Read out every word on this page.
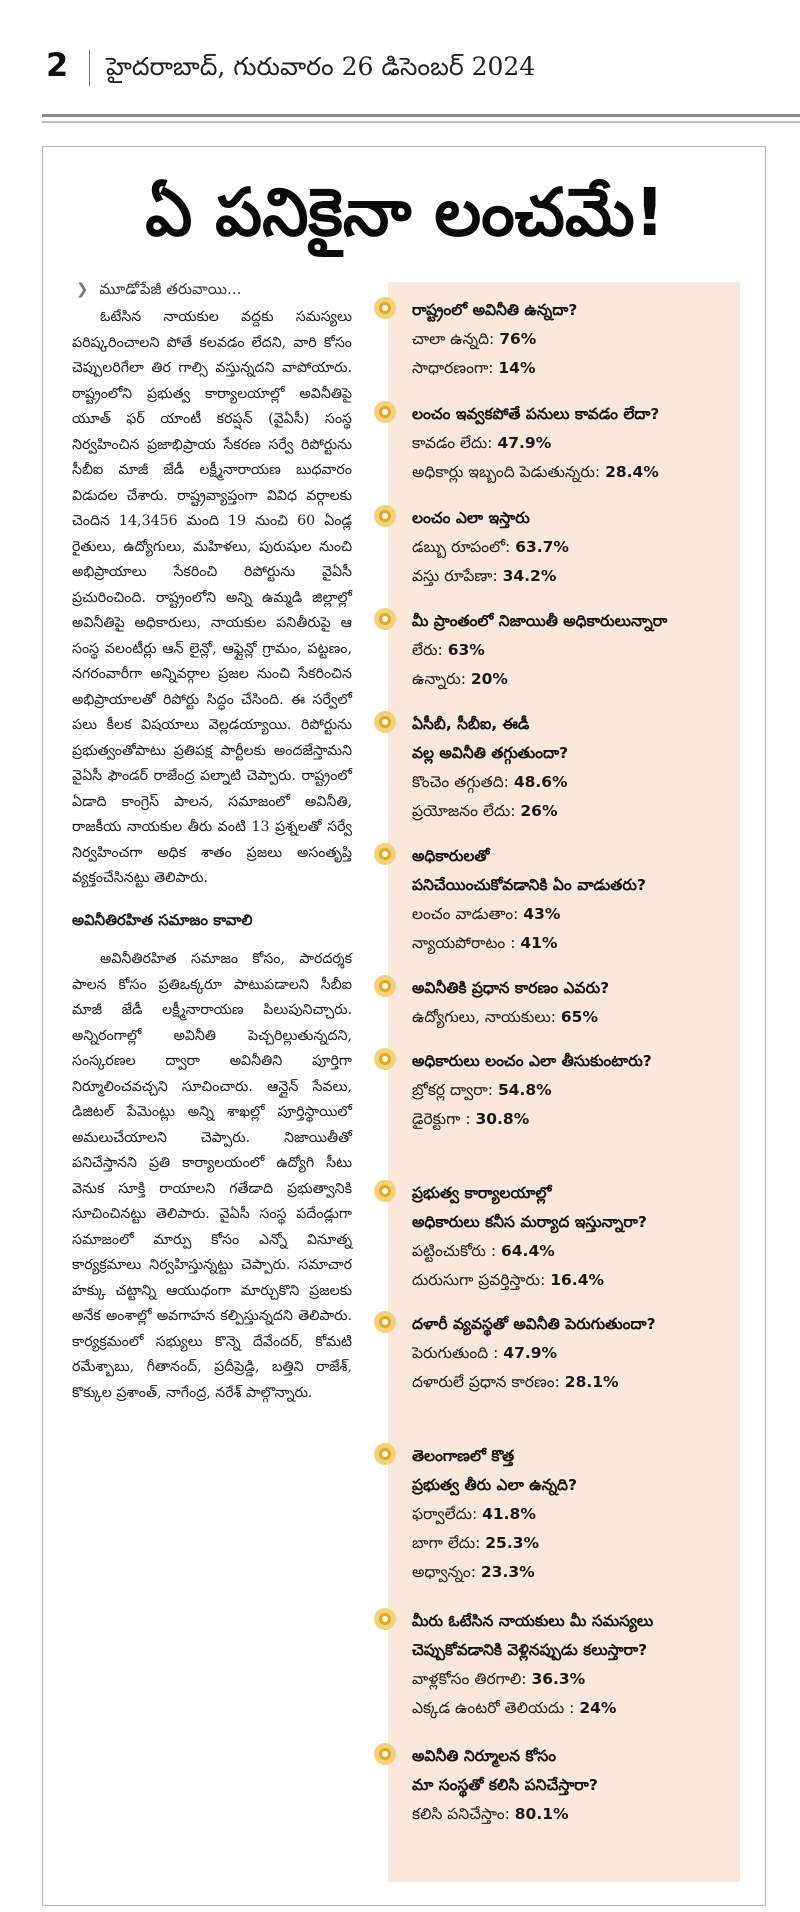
2 హైదరాబాద్, గురువారం 26 డిసెంబర్ 2024
ఏ పనికైనా లంచమే!
❯ మూడోపేజీ తరువాయి...

ఓటేసిన నాయకుల వద్దకు సమస్యలు పరిష్కరించాలని పోతే కలవడం లేదని, వారి కోసం చెప్పులరిగేలా తిర గాల్సి వస్తున్నదని వాపోయారు. రాష్ట్రంలోని ప్రభుత్వ కార్యాలయాల్లో అవినీతిపై యూత్ ఫర్ యాంటీ కరప్షన్ (వైఏసీ) సంస్థ నిర్వహించిన ప్రజాభిప్రాయ సేకరణ సర్వే రిపోర్టును సీబీఐ మాజీ జేడీ లక్ష్మీనారాయణ బుధవారం విడుదల చేశారు. రాష్ట్రవ్యాప్తంగా వివిధ వర్గాలకు చెందిన 14,3456 మంది 19 నుంచి 60 ఏండ్ల రైతులు, ఉద్యోగులు, మహిళలు, పురుషుల నుంచి అభిప్రాయాలు సేకరించి రిపోర్టును వైఏసీ ప్రచురించింది. రాష్ట్రంలోని అన్ని ఉమ్మడి జిల్లాల్లో అవినీతిపై అధికారులు, నాయకుల పనితీరుపై ఆ సంస్థ వలంటీర్లు ఆన్ లైన్లో, ఆఫ్లైన్లో గ్రామం, పట్టణం, నగరంవారీగా అన్నివర్గాల ప్రజల నుంచి సేకరించిన అభిప్రాయాలతో రిపోర్టు సిద్ధం చేసింది. ఈ సర్వేలో పలు కీలక విషయాలు వెల్లడయ్యాయి. రిపోర్టును ప్రభుత్వంతోపాటు ప్రతిపక్ష పార్టీలకు అందజేస్తామని వైఏసీ ఫౌండర్ రాజేంద్ర పల్నాటి చెప్పారు. రాష్ట్రంలో ఏడాది కాంగ్రెస్ పాలన, సమాజంలో అవినీతి, రాజకీయ నాయకుల తీరు వంటి 13 ప్రశ్నలతో సర్వే నిర్వహించగా అధిక శాతం ప్రజలు అసంతృప్తి వ్యక్తంచేసినట్టు తెలిపారు.

అవినీతిరహిత సమాజం కావాలి

అవినీతిరహిత సమాజం కోసం, పారదర్శక పాలన కోసం ప్రతిఒక్కరూ పాటుపడాలని సీబీఐ మాజీ జేడీ లక్ష్మీనారాయణ పిలుపునిచ్చారు. అన్నిరంగాల్లో అవినీతి పెచ్చరిల్లుతున్నదని, సంస్కరణల ద్వారా అవినీతిని పూర్తిగా నిర్మూలించవచ్చని సూచించారు. ఆన్లైన్ సేవలు, డిజిటల్ పేమెంట్లు అన్ని శాఖల్లో పూర్తిస్థాయిలో అమలుచేయాలని చెప్పారు. నిజాయితీతో పనిచేస్తానని ప్రతి కార్యాలయంలో ఉద్యోగి సీటు వెనుక సూక్తి రాయాలని గతేడాది ప్రభుత్వానికి సూచించినట్టు తెలిపారు. వైఏసీ సంస్థ పదేండ్లుగా సమాజంలో మార్పు కోసం ఎన్నో వినూత్న కార్యక్రమాలు నిర్వహిస్తున్నట్టు చెప్పారు. సమాచార హక్కు చట్టాన్ని ఆయుధంగా మార్చుకొని ప్రజలకు అనేక అంశాల్లో అవగాహన కల్పిస్తున్నదని తెలిపారు. కార్యక్రమంలో సభ్యులు కొన్నె దేవేందర్, కోమటి రమేశ్బాబు, గీతానంద్, ప్రదీప్రెడ్డి, బత్తిని రాజేశ్, కొక్కుల ప్రశాంత్, నాగేంద్ర, నరేశ్ పాల్గొన్నారు.

రాష్ట్రంలో అవినీతి ఉన్నదా?
చాలా ఉన్నది: 76%
సాధారణంగా: 14%
లంచం ఇవ్వకపోతే పనులు కావడం లేదా?
కావడం లేదు: 47.9%
అధికార్లు ఇబ్బంది పెడుతున్నరు: 28.4%
లంచం ఎలా ఇస్తారు
డబ్బు రూపంలో: 63.7%
వస్తు రూపేణా: 34.2%
మీ ప్రాంతంలో నిజాయితీ అధికారులున్నారా
లేరు: 63%
ఉన్నారు: 20%
ఏసీబీ, సీబీఐ, ఈడీ
వల్ల అవినీతి తగ్గుతుందా?
కొంచెం తగ్గుతది: 48.6%
ప్రయోజనం లేదు: 26%
అధికారులతో
పనిచేయించుకోవడానికి ఏం వాడుతరు?
లంచం వాడుతాం: 43%
న్యాయపోరాటం : 41%
అవినీతికి ప్రధాన కారణం ఎవరు?
ఉద్యోగులు, నాయకులు: 65%
అధికారులు లంచం ఎలా తీసుకుంటారు?
బ్రోకర్ల ద్వారా: 54.8%
డైరెక్టుగా : 30.8%
ప్రభుత్వ కార్యాలయాల్లో
అధికారులు కనీస మర్యాద ఇస్తున్నారా?
పట్టించుకోరు : 64.4%
దురుసుగా ప్రవర్తిస్తారు: 16.4%
దళారీ వ్యవస్థతో అవినీతి పెరుగుతుందా?
పెరుగుతుంది : 47.9%
దళారులే ప్రధాన కారణం: 28.1%
తెలంగాణలో కొత్త
ప్రభుత్వ తీరు ఎలా ఉన్నది?
ఫర్వాలేదు: 41.8%
బాగా లేదు: 25.3%
అధ్వాన్నం: 23.3%
మీరు ఓటేసిన నాయకులు మీ సమస్యలు
చెప్పుకోవడానికి వెళ్లినప్పుడు కలుస్తారా?
వాళ్లకోసం తిరగాలి: 36.3%
ఎక్కడ ఉంటరో తెలియదు : 24%
అవినీతి నిర్మూలన కోసం
మా సంస్థతో కలిసి పనిచేస్తారా?
కలిసి పనిచేస్తాం: 80.1%
